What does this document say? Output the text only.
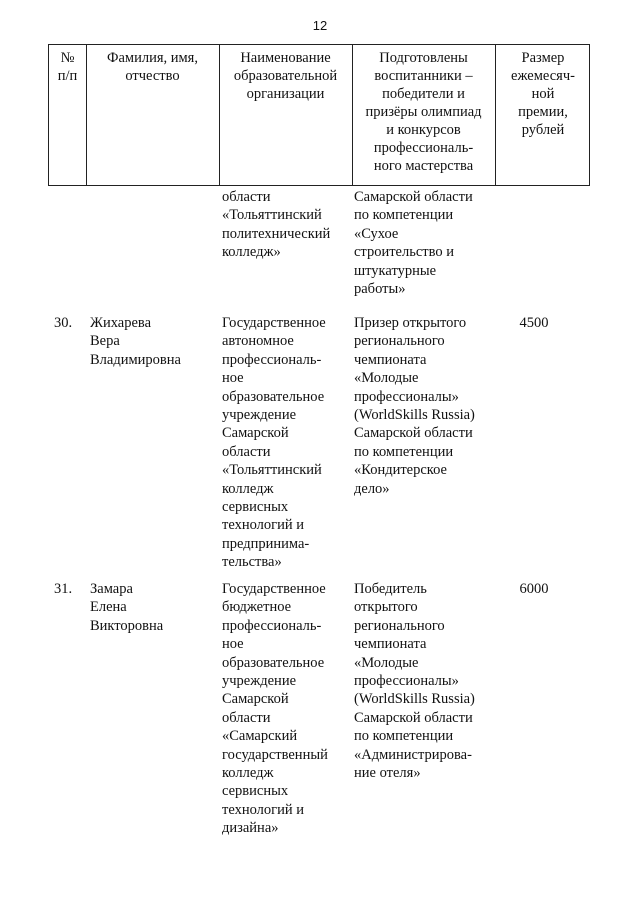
12
№
п/п
Фамилия, имя,
отчество
Наименование
образовательной
организации
Подготовлены
воспитанники –
победители и
призёры олимпиад
и конкурсов
профессиональ-
ного мастерства
Размер
ежемесяч-
ной
премии,
рублей
области
«Тольяттинский
политехнический
колледж»
Самарской области
по компетенции
«Сухое
строительство и
штукатурные
работы»
30.	Жихарева
Вера
Владимировна
Государственное
автономное
профессиональ-
ное
образовательное
учреждение
Самарской
области
«Тольяттинский
колледж
сервисных
технологий и
предпринима-
тельства»
Призер открытого
регионального
чемпионата
«Молодые
профессионалы»
(WorldSkills Russia)
Самарской области
по компетенции
«Кондитерское
дело»
4500
31.	Замара
Елена
Викторовна
Государственное
бюджетное
профессиональ-
ное
образовательное
учреждение
Самарской
области
«Самарский
государственный
колледж
сервисных
технологий и
дизайна»
Победитель
открытого
регионального
чемпионата
«Молодые
профессионалы»
(WorldSkills Russia)
Самарской области
по компетенции
«Администрирова-
ние отеля»
6000
